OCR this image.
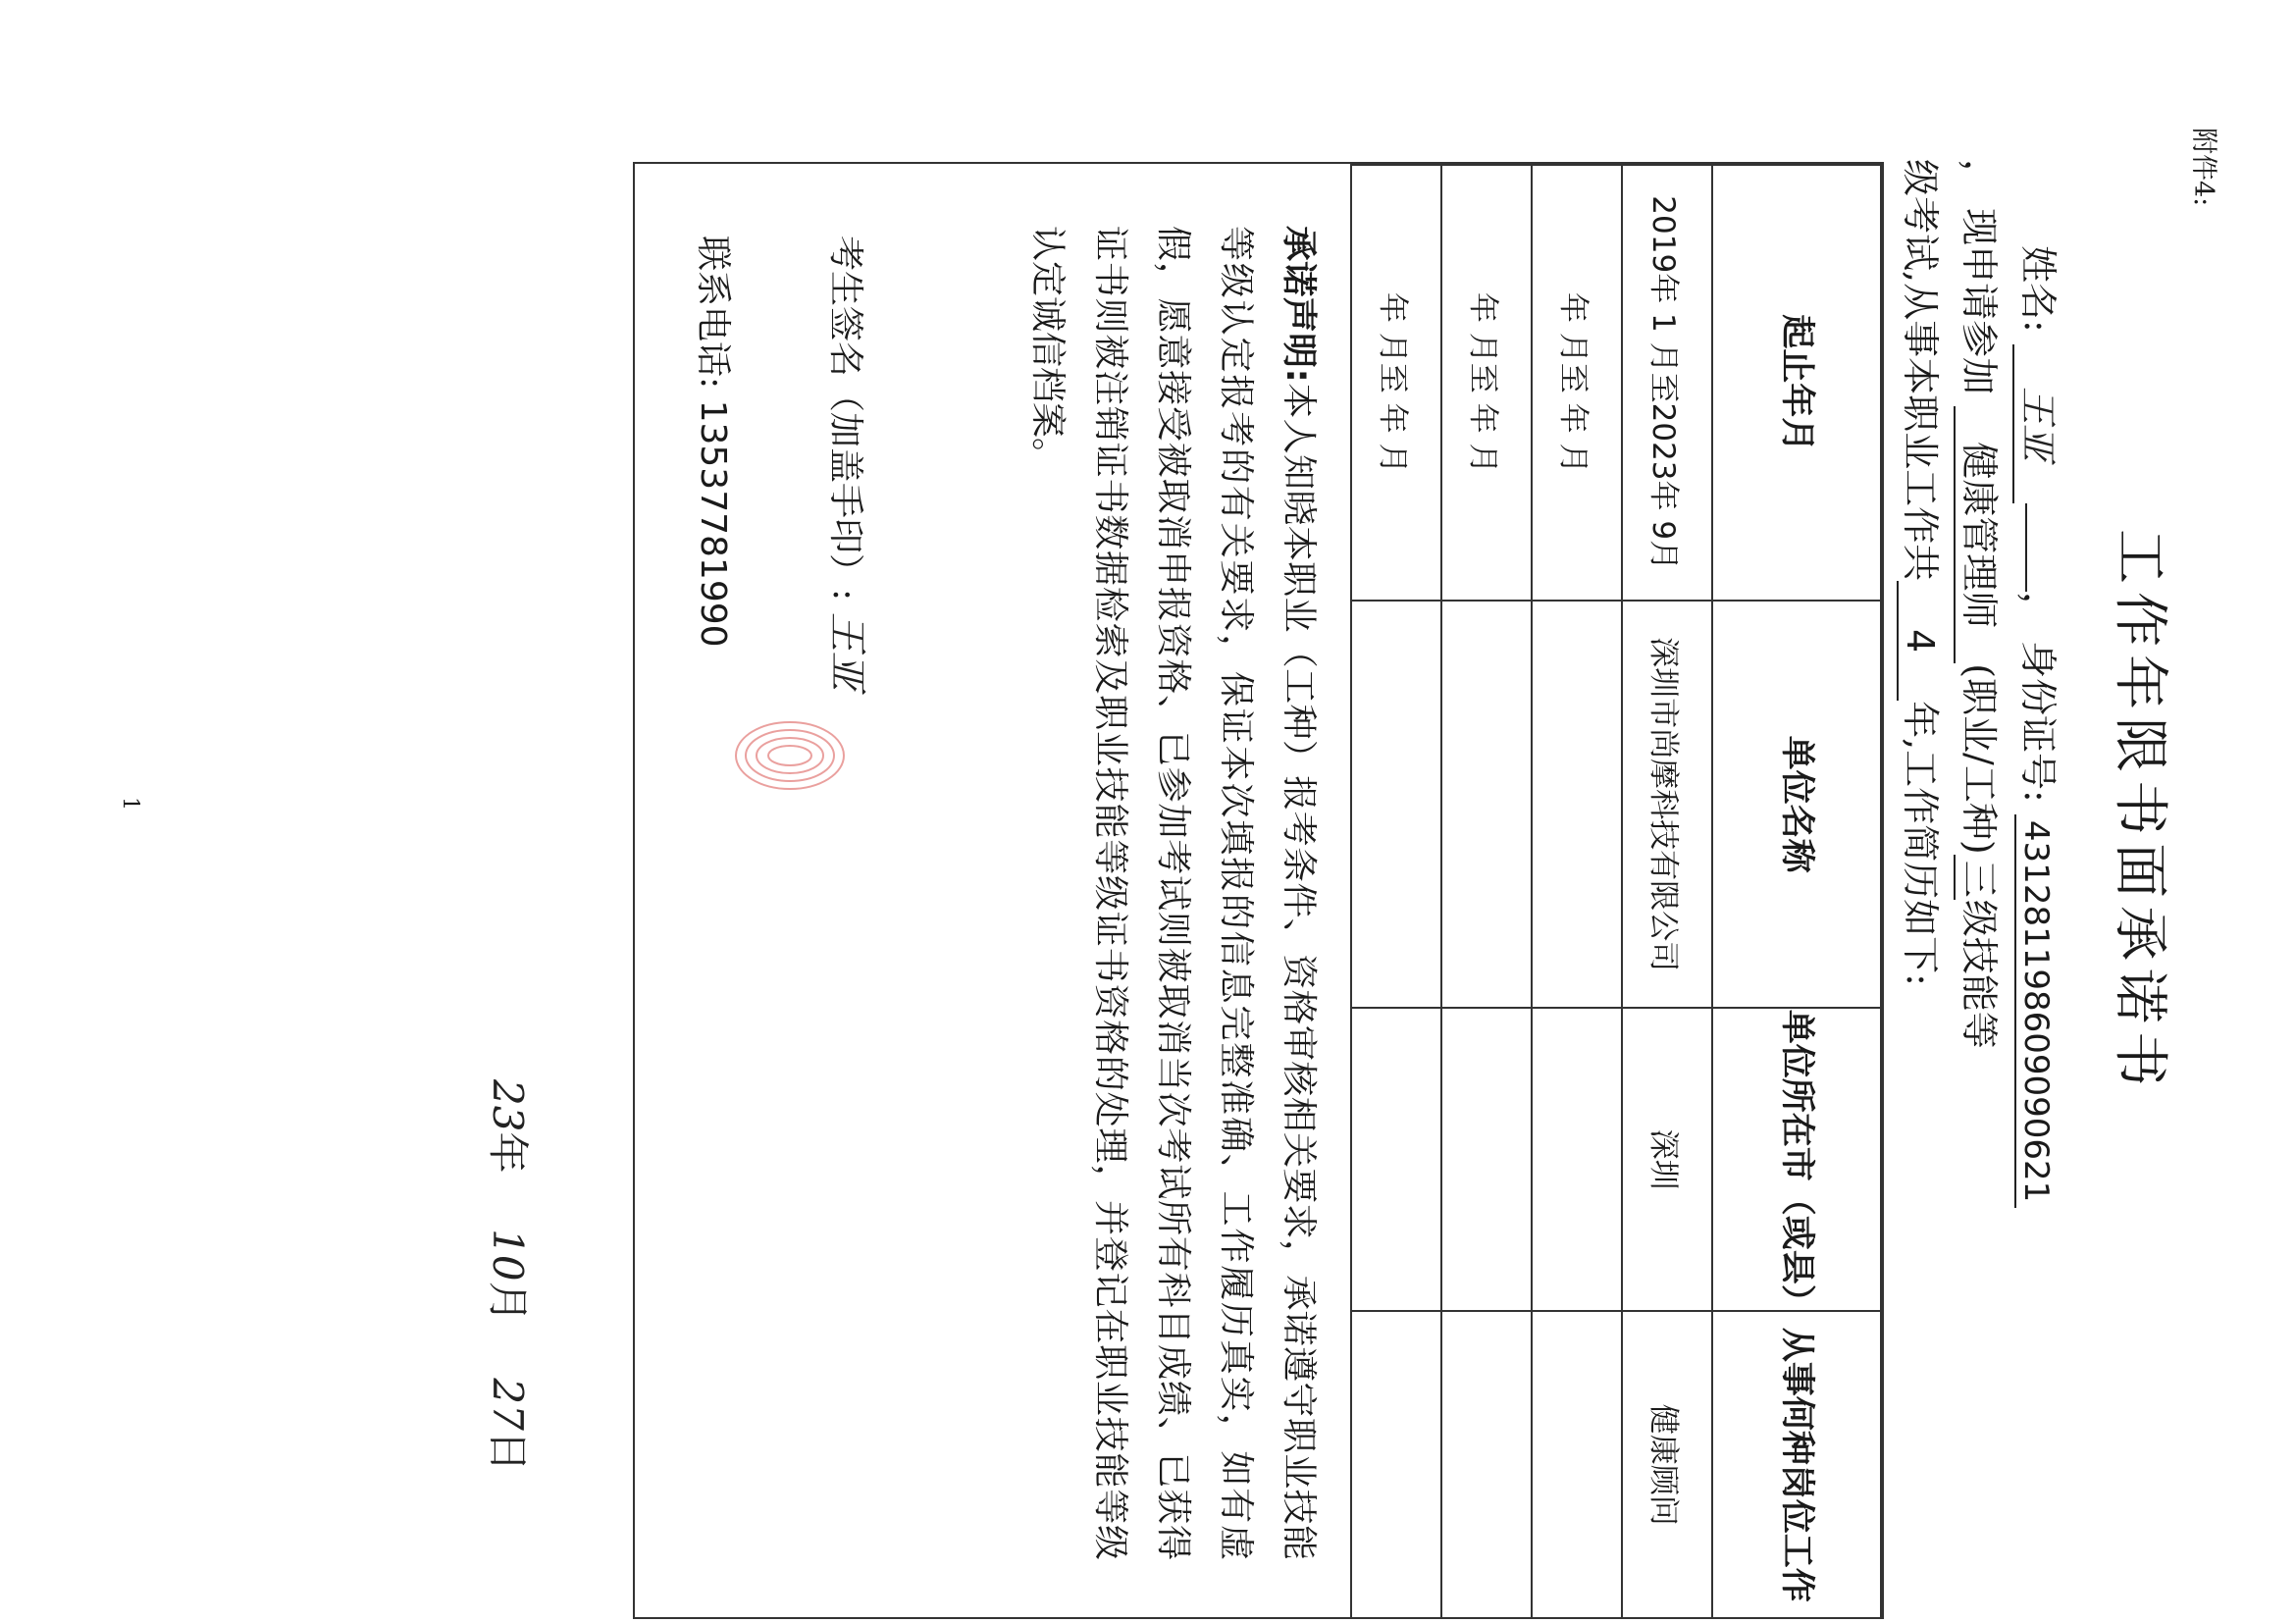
附件4:
工作年限书面承诺书
姓名: 王亚， 身份证号: 431281198609090621
， 现申请参加 健康管理师(职业/工种)三级技能等
级考试,从事本职业工作共4年,工作简历如下:
起止年月	单位名称	单位所在市（或县）	从事何种岗位工作
2019年 1 月至2023年 9月	深圳市尚摩科技有限公司	深圳	健康顾问
年 月至 年 月			
年 月至 年 月			
年 月至 年 月			
承诺声明:本人知晓本职业（工种）报考条件、资格审核相关要求，承诺遵守职业技能等级认定报考的有关要求，保证本次填报的信息完整准确、工作履历真实，如有虚假，愿意接受被取消申报资格、已参加考试则被取消当次考试所有科目成绩、已获得证书则被注销证书数据检索及职业技能等级证书资格的处理，并登记在职业技能等级认定诚信档案。
考生签名（加盖手印）: 王亚
联系电话: 13537781990
23年  10月  27日
1
